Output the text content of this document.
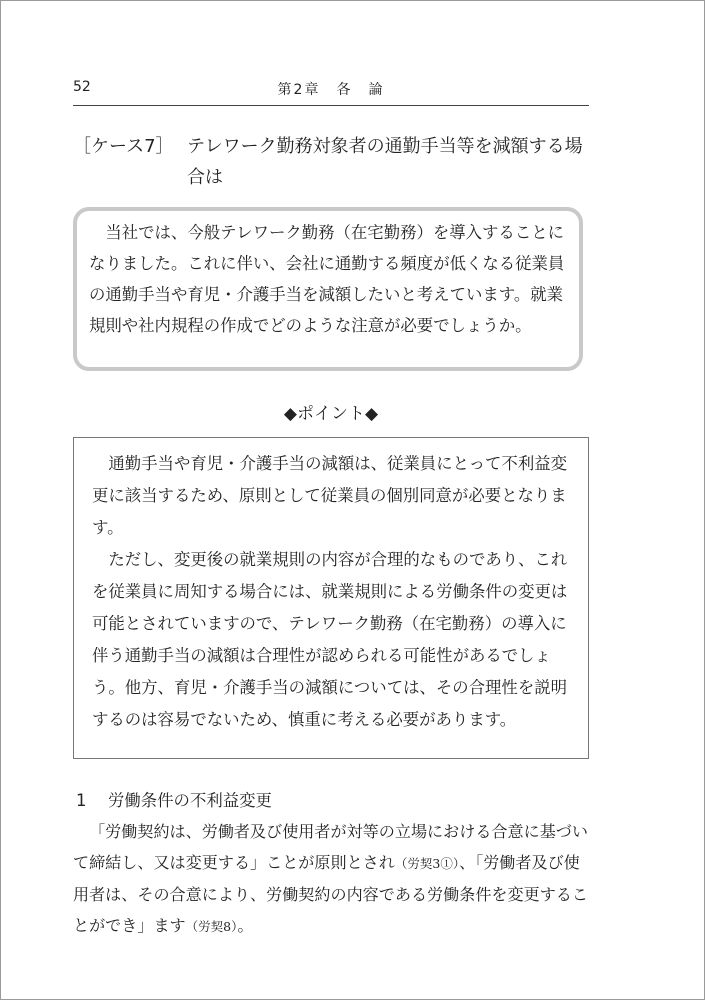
52	第2章　各　論
［ケース7］ テレワーク勤務対象者の通勤手当等を減額する場合は

当社では、今般テレワーク勤務（在宅勤務）を導入することになりました。これに伴い、会社に通勤する頻度が低くなる従業員の通勤手当や育児・介護手当を減額したいと考えています。就業規則や社内規程の作成でどのような注意が必要でしょうか。

◆ポイント◆

通勤手当や育児・介護手当の減額は、従業員にとって不利益変更に該当するため、原則として従業員の個別同意が必要となります。

ただし、変更後の就業規則の内容が合理的なものであり、これを従業員に周知する場合には、就業規則による労働条件の変更は可能とされていますので、テレワーク勤務（在宅勤務）の導入に伴う通勤手当の減額は合理性が認められる可能性があるでしょう。他方、育児・介護手当の減額については、その合理性を説明するのは容易でないため、慎重に考える必要があります。

1 労働条件の不利益変更

「労働契約は、労働者及び使用者が対等の立場における合意に基づいて締結し、又は変更する」ことが原則とされ（労契3①）、「労働者及び使用者は、その合意により、労働契約の内容である労働条件を変更することができ」ます（労契8）。
